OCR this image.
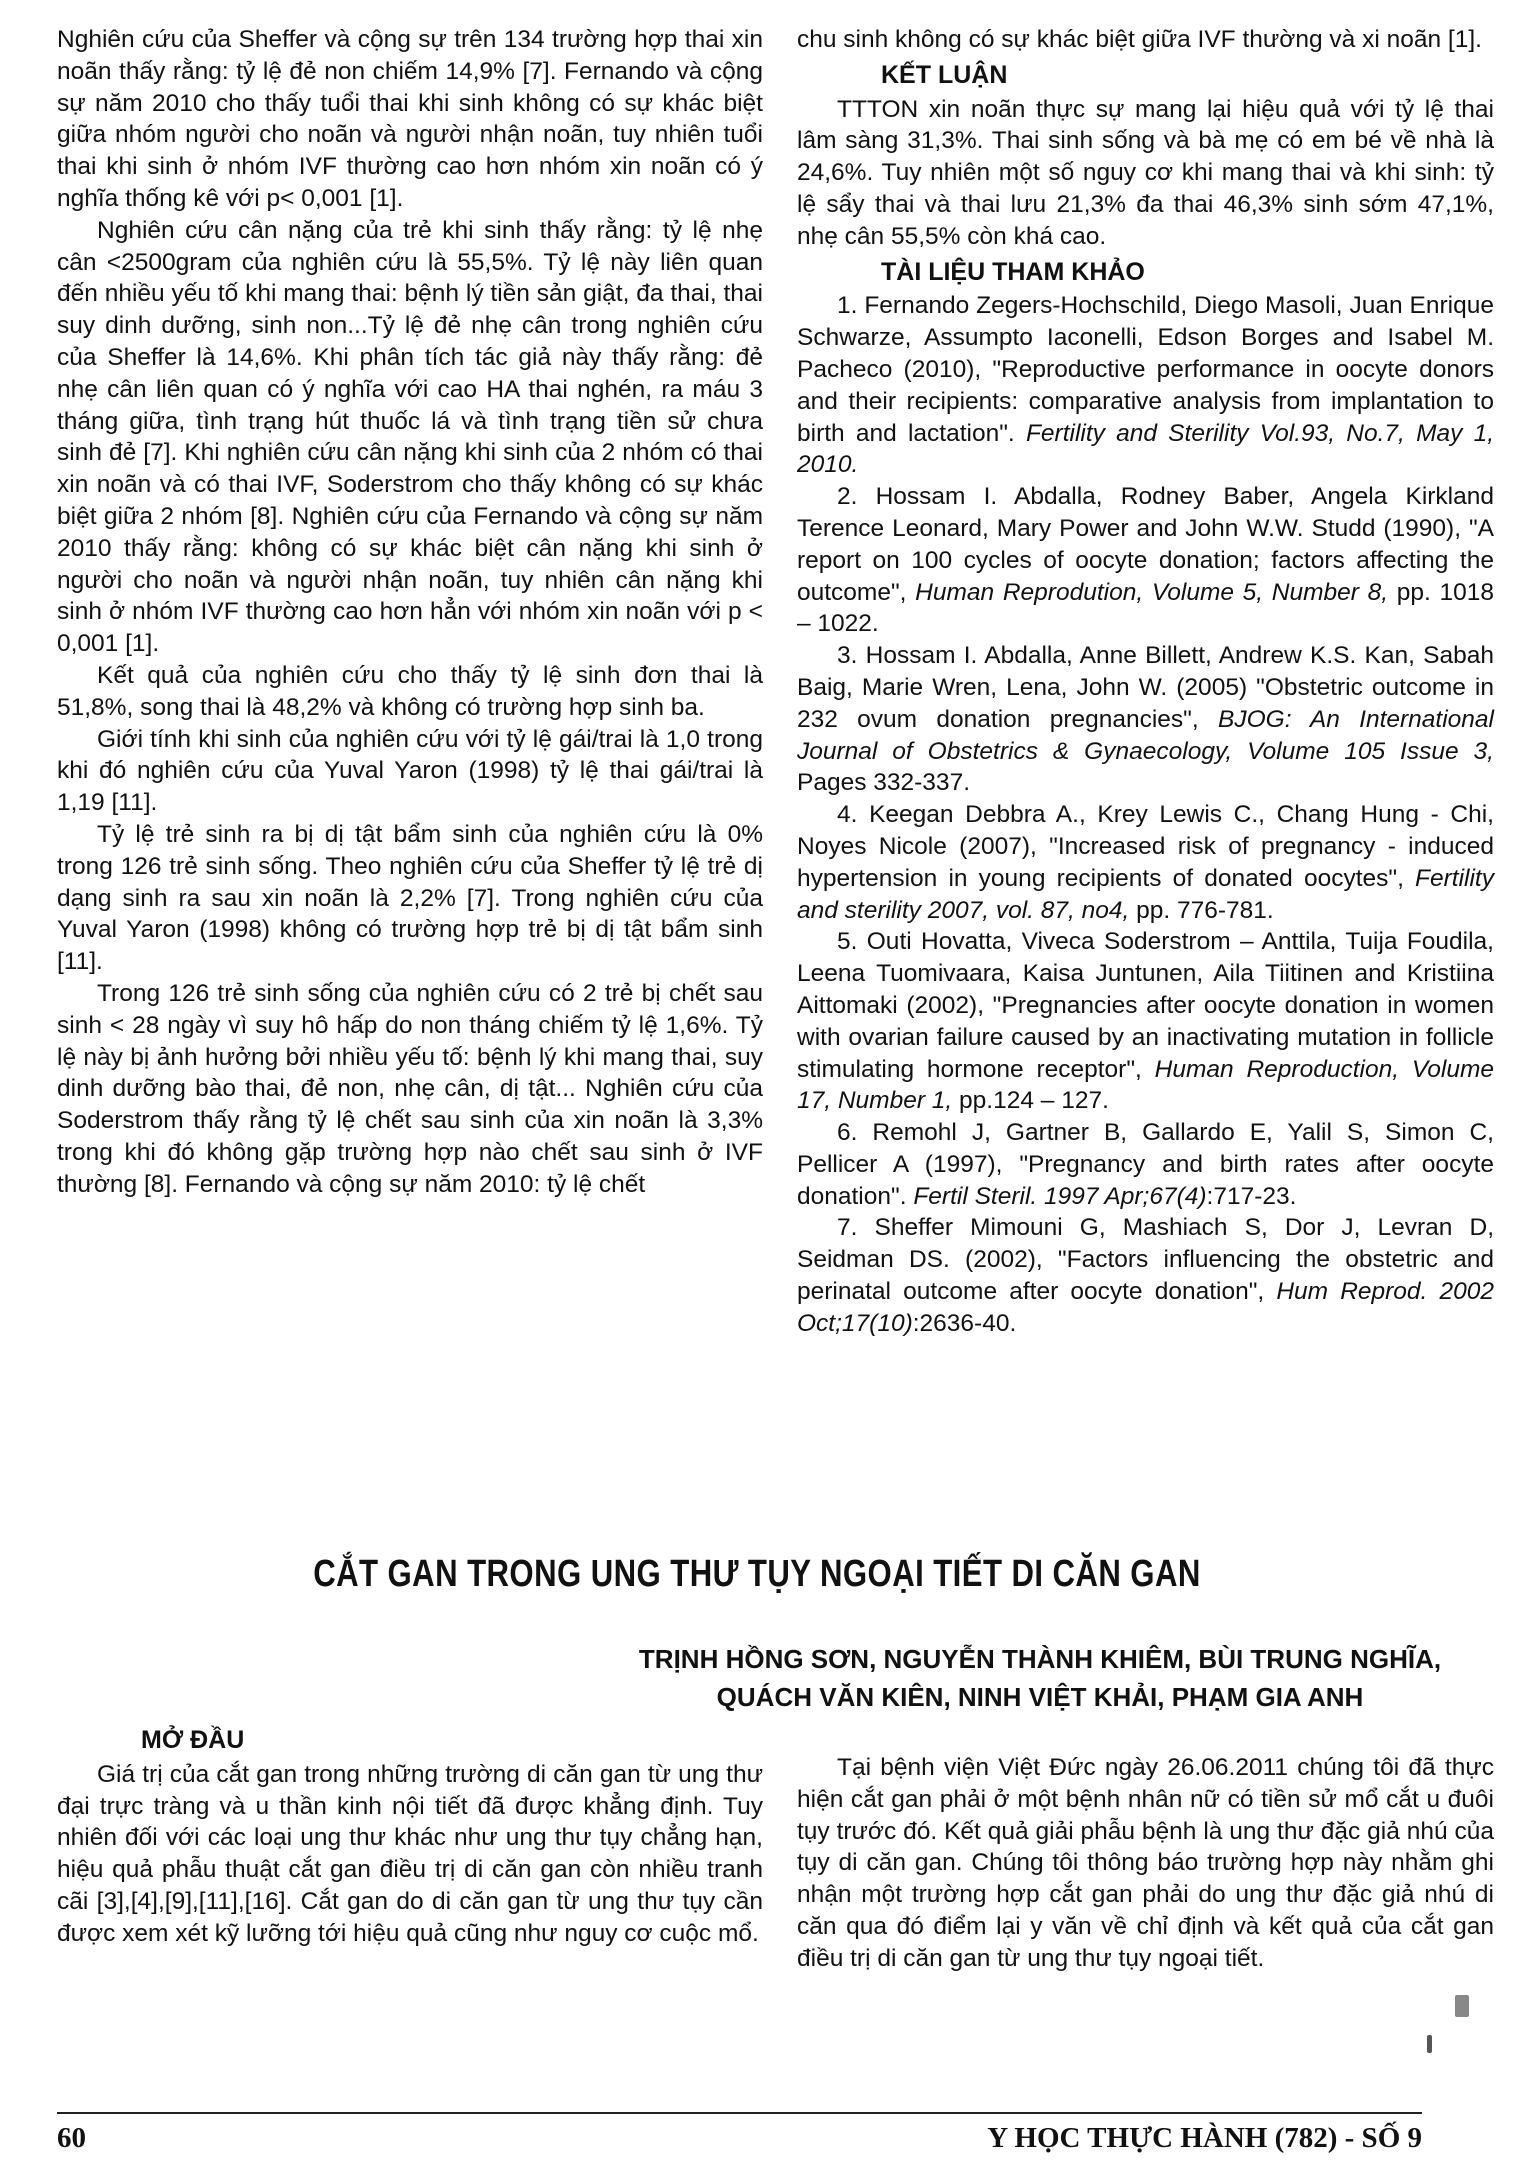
Nghiên cứu của Sheffer và cộng sự trên 134 trường hợp thai xin noãn thấy rằng: tỷ lệ đẻ non chiếm 14,9% [7]. Fernando và cộng sự năm 2010 cho thấy tuổi thai khi sinh không có sự khác biệt giữa nhóm người cho noãn và người nhận noãn, tuy nhiên tuổi thai khi sinh ở nhóm IVF thường cao hơn nhóm xin noãn có ý nghĩa thống kê với p< 0,001 [1].

Nghiên cứu cân nặng của trẻ khi sinh thấy rằng: tỷ lệ nhẹ cân <2500gram của nghiên cứu là 55,5%. Tỷ lệ này liên quan đến nhiều yếu tố khi mang thai: bệnh lý tiền sản giật, đa thai, thai suy dinh dưỡng, sinh non...Tỷ lệ đẻ nhẹ cân trong nghiên cứu của Sheffer là 14,6%. Khi phân tích tác giả này thấy rằng: đẻ nhẹ cân liên quan có ý nghĩa với cao HA thai nghén, ra máu 3 tháng giữa, tình trạng hút thuốc lá và tình trạng tiền sử chưa sinh đẻ [7]. Khi nghiên cứu cân nặng khi sinh của 2 nhóm có thai xin noãn và có thai IVF, Soderstrom cho thấy không có sự khác biệt giữa 2 nhóm [8]. Nghiên cứu của Fernando và cộng sự năm 2010 thấy rằng: không có sự khác biệt cân nặng khi sinh ở người cho noãn và người nhận noãn, tuy nhiên cân nặng khi sinh ở nhóm IVF thường cao hơn hẳn với nhóm xin noãn với p < 0,001 [1].

Kết quả của nghiên cứu cho thấy tỷ lệ sinh đơn thai là 51,8%, song thai là 48,2% và không có trường hợp sinh ba.

Giới tính khi sinh của nghiên cứu với tỷ lệ gái/trai là 1,0 trong khi đó nghiên cứu của Yuval Yaron (1998) tỷ lệ thai gái/trai là 1,19 [11].

Tỷ lệ trẻ sinh ra bị dị tật bẩm sinh của nghiên cứu là 0% trong 126 trẻ sinh sống. Theo nghiên cứu của Sheffer tỷ lệ trẻ dị dạng sinh ra sau xin noãn là 2,2% [7]. Trong nghiên cứu của Yuval Yaron (1998) không có trường hợp trẻ bị dị tật bẩm sinh [11].

Trong 126 trẻ sinh sống của nghiên cứu có 2 trẻ bị chết sau sinh < 28 ngày vì suy hô hấp do non tháng chiếm tỷ lệ 1,6%. Tỷ lệ này bị ảnh hưởng bởi nhiều yếu tố: bệnh lý khi mang thai, suy dinh dưỡng bào thai, đẻ non, nhẹ cân, dị tật... Nghiên cứu của Soderstrom thấy rằng tỷ lệ chết sau sinh của xin noãn là 3,3% trong khi đó không gặp trường hợp nào chết sau sinh ở IVF thường [8]. Fernando và cộng sự năm 2010: tỷ lệ chết

chu sinh không có sự khác biệt giữa IVF thường và xi noãn [1].

KẾT LUẬN

TTTON xin noãn thực sự mang lại hiệu quả với tỷ lệ thai lâm sàng 31,3%. Thai sinh sống và bà mẹ có em bé về nhà là 24,6%. Tuy nhiên một số nguy cơ khi mang thai và khi sinh: tỷ lệ sẩy thai và thai lưu 21,3% đa thai 46,3% sinh sớm 47,1%, nhẹ cân 55,5% còn khá cao.

TÀI LIỆU THAM KHẢO

1. Fernando Zegers-Hochschild, Diego Masoli, Juan Enrique Schwarze, Assumpto Iaconelli, Edson Borges and Isabel M. Pacheco (2010), "Reproductive performance in oocyte donors and their recipients: comparative analysis from implantation to birth and lactation". Fertility and Sterility Vol.93, No.7, May 1, 2010.

2. Hossam I. Abdalla, Rodney Baber, Angela Kirkland Terence Leonard, Mary Power and John W.W. Studd (1990), "A report on 100 cycles of oocyte donation; factors affecting the outcome", Human Reprodution, Volume 5, Number 8, pp. 1018 – 1022.

3. Hossam I. Abdalla, Anne Billett, Andrew K.S. Kan, Sabah Baig, Marie Wren, Lena, John W. (2005) "Obstetric outcome in 232 ovum donation pregnancies", BJOG: An International Journal of Obstetrics & Gynaecology, Volume 105 Issue 3, Pages 332-337.

4. Keegan Debbra A., Krey Lewis C., Chang Hung - Chi, Noyes Nicole (2007), "Increased risk of pregnancy - induced hypertension in young recipients of donated oocytes", Fertility and sterility 2007, vol. 87, no4, pp. 776-781.

5. Outi Hovatta, Viveca Soderstrom – Anttila, Tuija Foudila, Leena Tuomivaara, Kaisa Juntunen, Aila Tiitinen and Kristiina Aittomaki (2002), "Pregnancies after oocyte donation in women with ovarian failure caused by an inactivating mutation in follicle stimulating hormone receptor", Human Reproduction, Volume 17, Number 1, pp.124 – 127.

6. Remohl J, Gartner B, Gallardo E, Yalil S, Simon C, Pellicer A (1997), "Pregnancy and birth rates after oocyte donation". Fertil Steril. 1997 Apr;67(4):717-23.

7. Sheffer Mimouni G, Mashiach S, Dor J, Levran D, Seidman DS. (2002), "Factors influencing the obstetric and perinatal outcome after oocyte donation", Hum Reprod. 2002 Oct;17(10):2636-40.

CẮT GAN TRONG UNG THƯ TỤY NGOẠI TIẾT DI CĂN GAN
TRỊNH HỒNG SƠN, NGUYỄN THÀNH KHIÊM, BÙI TRUNG NGHĨA,
QUÁCH VĂN KIÊN, NINH VIỆT KHẢI, PHẠM GIA ANH

MỞ ĐẦU

Giá trị của cắt gan trong những trường di căn gan từ ung thư đại trực tràng và u thần kinh nội tiết đã được khẳng định. Tuy nhiên đối với các loại ung thư khác như ung thư tụy chẳng hạn, hiệu quả phẫu thuật cắt gan điều trị di căn gan còn nhiều tranh cãi [3],[4],[9],[11],[16]. Cắt gan do di căn gan từ ung thư tụy cần được xem xét kỹ lưỡng tới hiệu quả cũng như nguy cơ cuộc mổ.

Tại bệnh viện Việt Đức ngày 26.06.2011 chúng tôi đã thực hiện cắt gan phải ở một bệnh nhân nữ có tiền sử mổ cắt u đuôi tụy trước đó. Kết quả giải phẫu bệnh là ung thư đặc giả nhú của tụy di căn gan. Chúng tôi thông báo trường hợp này nhằm ghi nhận một trường hợp cắt gan phải do ung thư đặc giả nhú di căn qua đó điểm lại y văn về chỉ định và kết quả của cắt gan điều trị di căn gan từ ung thư tụy ngoại tiết.

60	Y HỌC THỰC HÀNH (782) - SỐ 9
